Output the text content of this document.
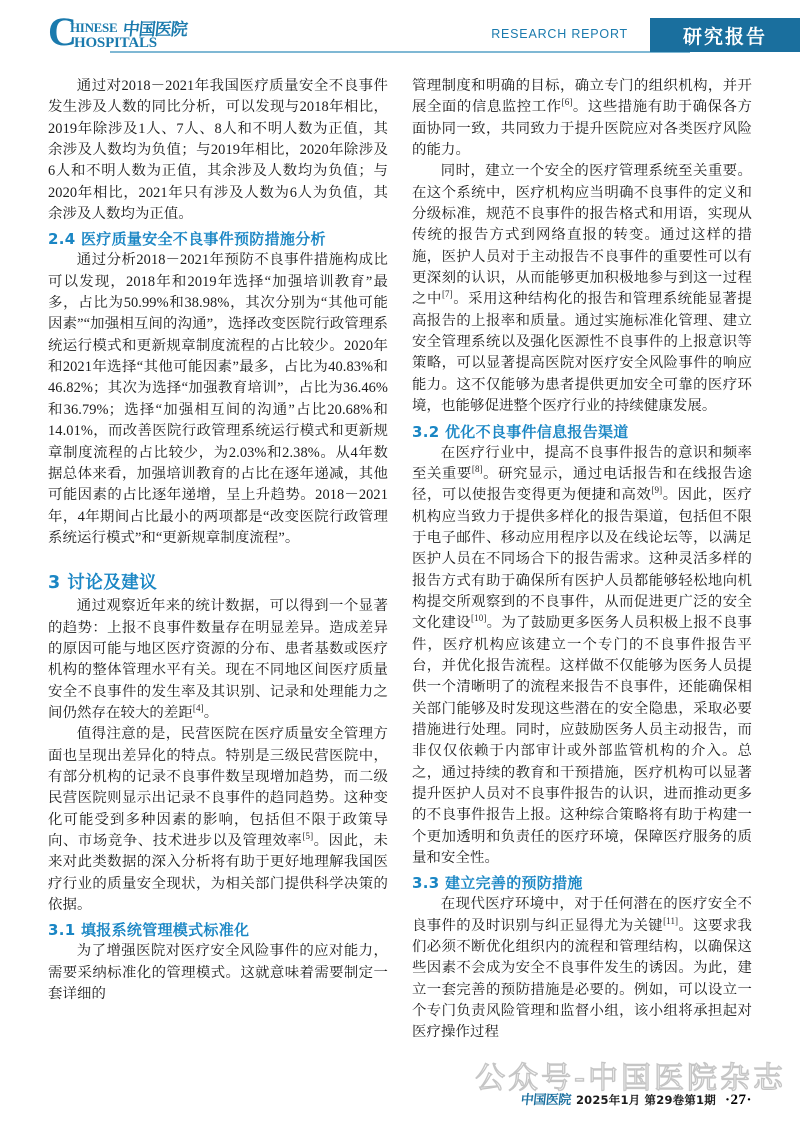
C
HINESE 中国医院
HOSPITALS
RESEARCH REPORT	研究报告

通过对2018－2021年我国医疗质量安全不良事件发生涉及人数的同比分析，可以发现与2018年相比，2019年除涉及1人、7人、8人和不明人数为正值，其余涉及人数均为负值；与2019年相比，2020年除涉及6人和不明人数为正值，其余涉及人数均为负值；与2020年相比，2021年只有涉及人数为6人为负值，其余涉及人数均为正值。

2.4 医疗质量安全不良事件预防措施分析

通过分析2018－2021年预防不良事件措施构成比可以发现，2018年和2019年选择“加强培训教育”最多，占比为50.99%和38.98%，其次分别为“其他可能因素”“加强相互间的沟通”，选择改变医院行政管理系统运行模式和更新规章制度流程的占比较少。2020年和2021年选择“其他可能因素”最多，占比为40.83%和46.82%；其次为选择“加强教育培训”，占比为36.46%和36.79%；选择“加强相互间的沟通”占比20.68%和14.01%，而改善医院行政管理系统运行模式和更新规章制度流程的占比较少，为2.03%和2.38%。从4年数据总体来看，加强培训教育的占比在逐年递减，其他可能因素的占比逐年递增，呈上升趋势。2018－2021年，4年期间占比最小的两项都是“改变医院行政管理系统运行模式”和“更新规章制度流程”。

3 讨论及建议

通过观察近年来的统计数据，可以得到一个显著的趋势：上报不良事件数量存在明显差异。造成差异的原因可能与地区医疗资源的分布、患者基数或医疗机构的整体管理水平有关。现在不同地区间医疗质量安全不良事件的发生率及其识别、记录和处理能力之间仍然存在较大的差距[4]。

值得注意的是，民营医院在医疗质量安全管理方面也呈现出差异化的特点。特别是三级民营医院中，有部分机构的记录不良事件数呈现增加趋势，而二级民营医院则显示出记录不良事件的趋同趋势。这种变化可能受到多种因素的影响，包括但不限于政策导向、市场竞争、技术进步以及管理效率[5]。因此，未来对此类数据的深入分析将有助于更好地理解我国医疗行业的质量安全现状，为相关部门提供科学决策的依据。

3.1 填报系统管理模式标准化

为了增强医院对医疗安全风险事件的应对能力，需要采纳标准化的管理模式。这就意味着需要制定一套详细的

管理制度和明确的目标，确立专门的组织机构，并开展全面的信息监控工作[6]。这些措施有助于确保各方面协同一致，共同致力于提升医院应对各类医疗风险的能力。

同时，建立一个安全的医疗管理系统至关重要。在这个系统中，医疗机构应当明确不良事件的定义和分级标准，规范不良事件的报告格式和用语，实现从传统的报告方式到网络直报的转变。通过这样的措施，医护人员对于主动报告不良事件的重要性可以有更深刻的认识，从而能够更加积极地参与到这一过程之中[7]。采用这种结构化的报告和管理系统能显著提高报告的上报率和质量。通过实施标准化管理、建立安全管理系统以及强化医源性不良事件的上报意识等策略，可以显著提高医院对医疗安全风险事件的响应能力。这不仅能够为患者提供更加安全可靠的医疗环境，也能够促进整个医疗行业的持续健康发展。

3.2 优化不良事件信息报告渠道

在医疗行业中，提高不良事件报告的意识和频率至关重要[8]。研究显示，通过电话报告和在线报告途径，可以使报告变得更为便捷和高效[9]。因此，医疗机构应当致力于提供多样化的报告渠道，包括但不限于电子邮件、移动应用程序以及在线论坛等，以满足医护人员在不同场合下的报告需求。这种灵活多样的报告方式有助于确保所有医护人员都能够轻松地向机构提交所观察到的不良事件，从而促进更广泛的安全文化建设[10]。为了鼓励更多医务人员积极上报不良事件，医疗机构应该建立一个专门的不良事件报告平台，并优化报告流程。这样做不仅能够为医务人员提供一个清晰明了的流程来报告不良事件，还能确保相关部门能够及时发现这些潜在的安全隐患，采取必要措施进行处理。同时，应鼓励医务人员主动报告，而非仅仅依赖于内部审计或外部监管机构的介入。总之，通过持续的教育和干预措施，医疗机构可以显著提升医护人员对不良事件报告的认识，进而推动更多的不良事件报告上报。这种综合策略将有助于构建一个更加透明和负责任的医疗环境，保障医疗服务的质量和安全性。

3.3 建立完善的预防措施

在现代医疗环境中，对于任何潜在的医疗安全不良事件的及时识别与纠正显得尤为关键[11]。这要求我们必须不断优化组织内的流程和管理结构，以确保这些因素不会成为安全不良事件发生的诱因。为此，建立一套完善的预防措施是必要的。例如，可以设立一个专门负责风险管理和监督小组，该小组将承担起对医疗操作过程

公众号-中国医院杂志
中国医院 2025年1月 第29卷第1期 ·27·
